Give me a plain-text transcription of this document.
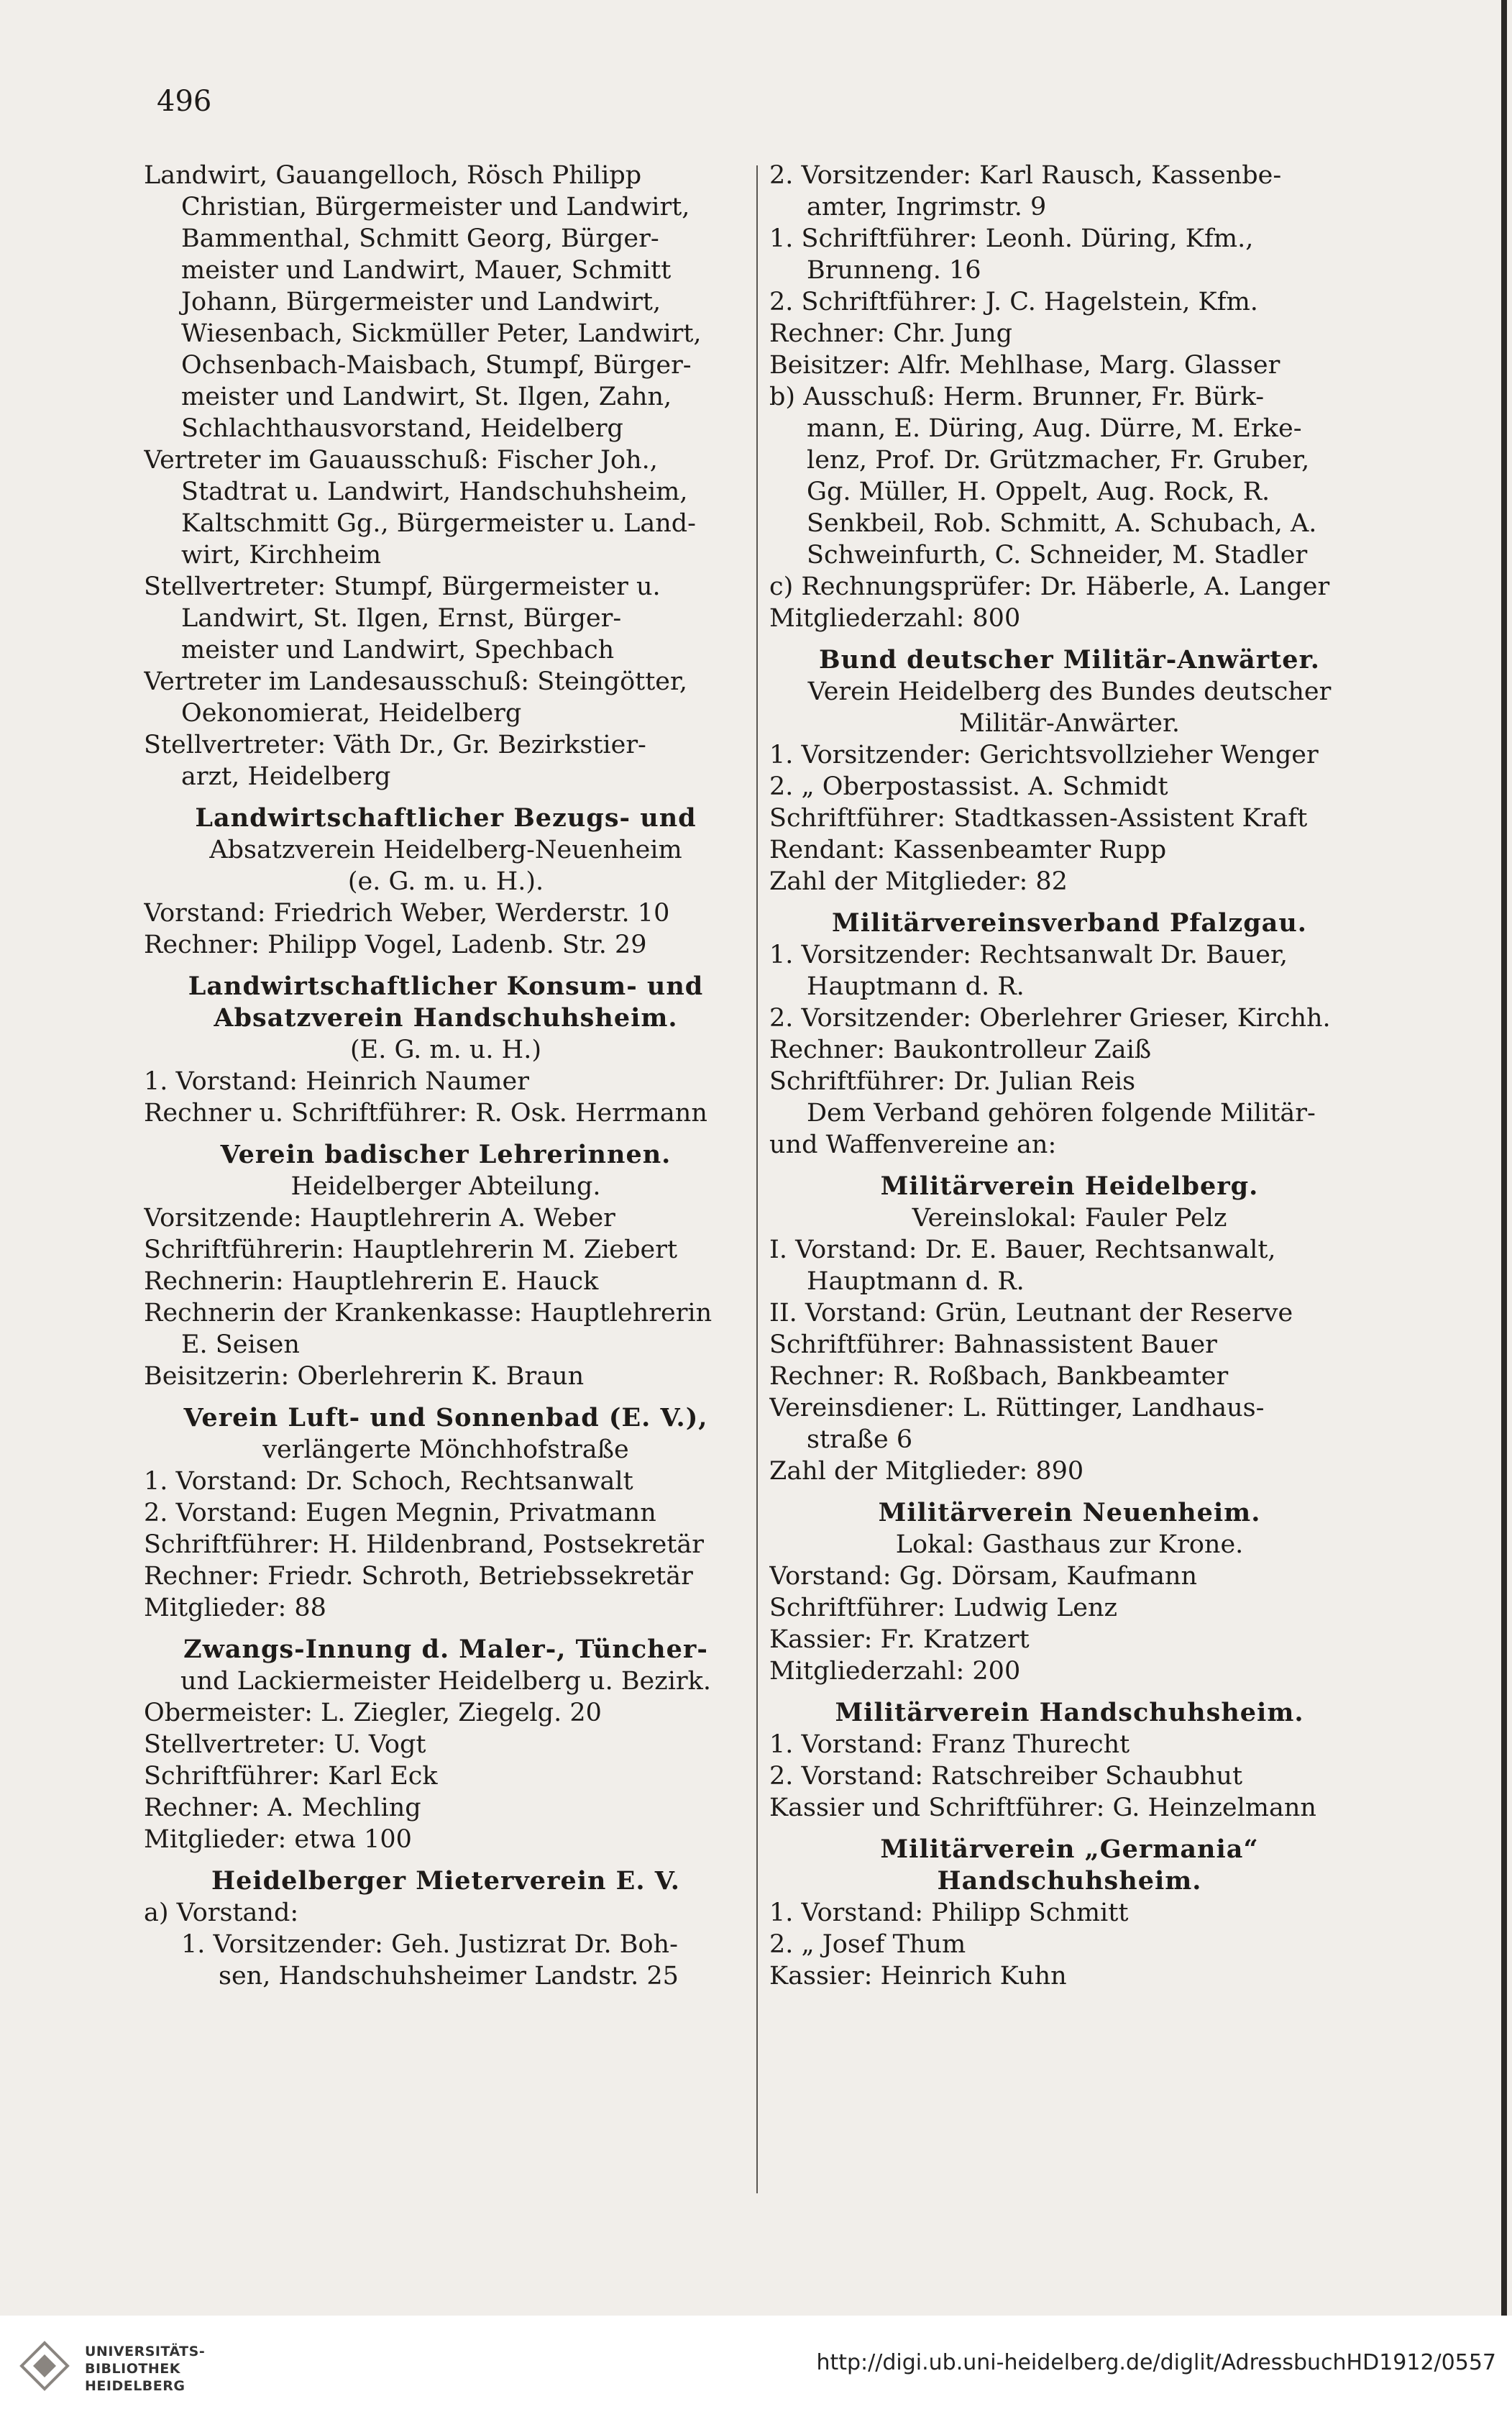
496
Landwirt, Gauangelloch, Rösch Philipp
Christian, Bürgermeister und Landwirt,
Bammenthal, Schmitt Georg, Bürger-
meister und Landwirt, Mauer, Schmitt
Johann, Bürgermeister und Landwirt,
Wiesenbach, Sickmüller Peter, Landwirt,
Ochsenbach-Maisbach, Stumpf, Bürger-
meister und Landwirt, St. Ilgen, Zahn,
Schlachthausvorstand, Heidelberg
Vertreter im Gauausschuß: Fischer Joh.,
Stadtrat u. Landwirt, Handschuhsheim,
Kaltschmitt Gg., Bürgermeister u. Land-
wirt, Kirchheim
Stellvertreter: Stumpf, Bürgermeister u.
Landwirt, St. Ilgen, Ernst, Bürger-
meister und Landwirt, Spechbach
Vertreter im Landesausschuß: Steingötter,
Oekonomierat, Heidelberg
Stellvertreter: Väth Dr., Gr. Bezirkstier-
arzt, Heidelberg
Landwirtschaftlicher Bezugs- und
Absatzverein Heidelberg-Neuenheim
(e. G. m. u. H.).
Vorstand: Friedrich Weber, Werderstr. 10
Rechner: Philipp Vogel, Ladenb. Str. 29
Landwirtschaftlicher Konsum- und
Absatzverein Handschuhsheim.
(E. G. m. u. H.)
1. Vorstand: Heinrich Naumer
Rechner u. Schriftführer: R. Osk. Herrmann
Verein badischer Lehrerinnen.
Heidelberger Abteilung.
Vorsitzende: Hauptlehrerin A. Weber
Schriftführerin: Hauptlehrerin M. Ziebert
Rechnerin: Hauptlehrerin E. Hauck
Rechnerin der Krankenkasse: Hauptlehrerin
E. Seisen
Beisitzerin: Oberlehrerin K. Braun
Verein Luft- und Sonnenbad (E. V.),
verlängerte Mönchhofstraße
1. Vorstand: Dr. Schoch, Rechtsanwalt
2. Vorstand: Eugen Megnin, Privatmann
Schriftführer: H. Hildenbrand, Postsekretär
Rechner: Friedr. Schroth, Betriebssekretär
Mitglieder: 88
Zwangs-Innung d. Maler-, Tüncher-
und Lackiermeister Heidelberg u. Bezirk.
Obermeister: L. Ziegler, Ziegelg. 20
Stellvertreter: U. Vogt
Schriftführer: Karl Eck
Rechner: A. Mechling
Mitglieder: etwa 100
Heidelberger Mieterverein E. V.
a) Vorstand:
1. Vorsitzender: Geh. Justizrat Dr. Boh-
sen, Handschuhsheimer Landstr. 25
2. Vorsitzender: Karl Rausch, Kassenbe-
amter, Ingrimstr. 9
1. Schriftführer: Leonh. Düring, Kfm.,
Brunneng. 16
2. Schriftführer: J. C. Hagelstein, Kfm.
Rechner: Chr. Jung
Beisitzer: Alfr. Mehlhase, Marg. Glasser
b) Ausschuß: Herm. Brunner, Fr. Bürk-
mann, E. Düring, Aug. Dürre, M. Erke-
lenz, Prof. Dr. Grützmacher, Fr. Gruber,
Gg. Müller, H. Oppelt, Aug. Rock, R.
Senkbeil, Rob. Schmitt, A. Schubach, A.
Schweinfurth, C. Schneider, M. Stadler
c) Rechnungsprüfer: Dr. Häberle, A. Langer
Mitgliederzahl: 800
Bund deutscher Militär-Anwärter.
Verein Heidelberg des Bundes deutscher
Militär-Anwärter.
1. Vorsitzender: Gerichtsvollzieher Wenger
2. „ Oberpostassist. A. Schmidt
Schriftführer: Stadtkassen-Assistent Kraft
Rendant: Kassenbeamter Rupp
Zahl der Mitglieder: 82
Militärvereinsverband Pfalzgau.
1. Vorsitzender: Rechtsanwalt Dr. Bauer,
Hauptmann d. R.
2. Vorsitzender: Oberlehrer Grieser, Kirchh.
Rechner: Baukontrolleur Zaiß
Schriftführer: Dr. Julian Reis
Dem Verband gehören folgende Militär-
und Waffenvereine an:
Militärverein Heidelberg.
Vereinslokal: Fauler Pelz
I. Vorstand: Dr. E. Bauer, Rechtsanwalt,
Hauptmann d. R.
II. Vorstand: Grün, Leutnant der Reserve
Schriftführer: Bahnassistent Bauer
Rechner: R. Roßbach, Bankbeamter
Vereinsdiener: L. Rüttinger, Landhaus-
straße 6
Zahl der Mitglieder: 890
Militärverein Neuenheim.
Lokal: Gasthaus zur Krone.
Vorstand: Gg. Dörsam, Kaufmann
Schriftführer: Ludwig Lenz
Kassier: Fr. Kratzert
Mitgliederzahl: 200
Militärverein Handschuhsheim.
1. Vorstand: Franz Thurecht
2. Vorstand: Ratschreiber Schaubhut
Kassier und Schriftführer: G. Heinzelmann
Militärverein „Germania“
Handschuhsheim.
1. Vorstand: Philipp Schmitt
2. „ Josef Thum
Kassier: Heinrich Kuhn
UNIVERSITÄTS-
BIBLIOTHEK
HEIDELBERG
http://digi.ub.uni-heidelberg.de/diglit/AdressbuchHD1912/0557
